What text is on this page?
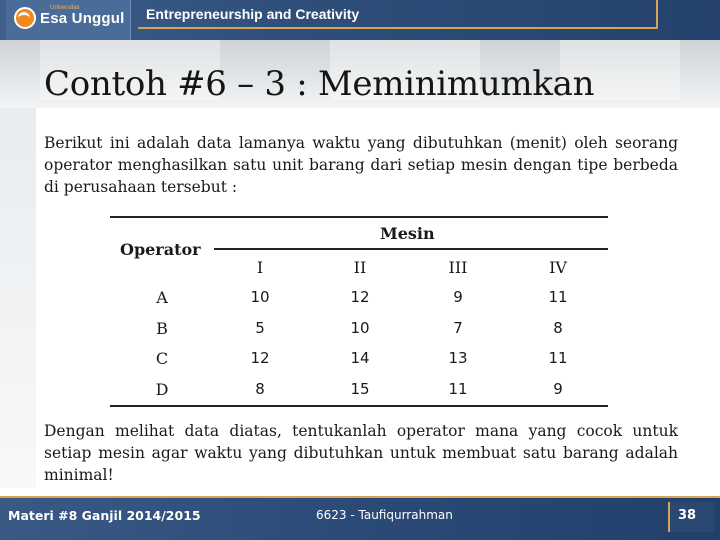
Universitas
Esa Unggul Entrepreneurship and Creativity
Contoh #6 – 3 : Meminimumkan
Berikut ini adalah data lamanya waktu yang dibutuhkan (menit) oleh seorang operator menghasilkan satu unit barang dari setiap mesin dengan tipe berbeda di perusahaan tersebut :
Operator
Mesin
I	II	III	IV
A	10	12	9	11
B	5	10	7	8
C	12	14	13	11
D	8	15	11	9
Dengan melihat data diatas, tentukanlah operator mana yang cocok untuk setiap mesin agar waktu yang dibutuhkan untuk membuat satu barang adalah minimal!
Materi #8 Ganjil 2014/2015	6623 - Taufiqurrahman	38
